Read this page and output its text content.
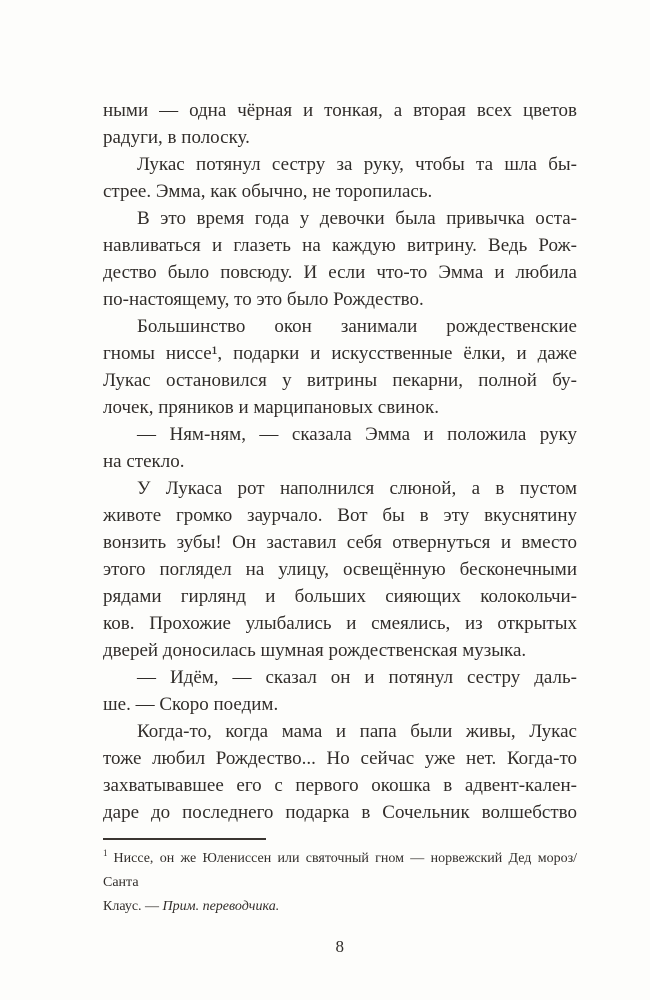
ными — одна чёрная и тонкая, а вторая всех цветов
радуги, в полоску.
Лукас потянул сестру за руку, чтобы та шла бы-
стрее. Эмма, как обычно, не торопилась.
В это время года у девочки была привычка оста-
навливаться и глазеть на каждую витрину. Ведь Рож-
дество было повсюду. И если что-то Эмма и любила
по-настоящему, то это было Рождество.
Большинство окон занимали рождественские
гномы ниссе¹, подарки и искусственные ёлки, и даже
Лукас остановился у витрины пекарни, полной бу-
лочек, пряников и марципановых свинок.
— Ням-ням, — сказала Эмма и положила руку
на стекло.
У Лукаса рот наполнился слюной, а в пустом
животе громко заурчало. Вот бы в эту вкуснятину
вонзить зубы! Он заставил себя отвернуться и вместо
этого поглядел на улицу, освещённую бесконечными
рядами гирлянд и больших сияющих колокольчи-
ков. Прохожие улыбались и смеялись, из открытых
дверей доносилась шумная рождественская музыка.
— Идём, — сказал он и потянул сестру даль-
ше. — Скоро поедим.
Когда-то, когда мама и папа были живы, Лукас
тоже любил Рождество... Но сейчас уже нет. Когда-то
захватывавшее его с первого окошка в адвент-кален-
даре до последнего подарка в Сочельник волшебство
$^1$ Ниссе, он же Юлениссен или святочный гном — норвежский Дед мороз/Санта
Клаус. — Прим. переводчика.
8
